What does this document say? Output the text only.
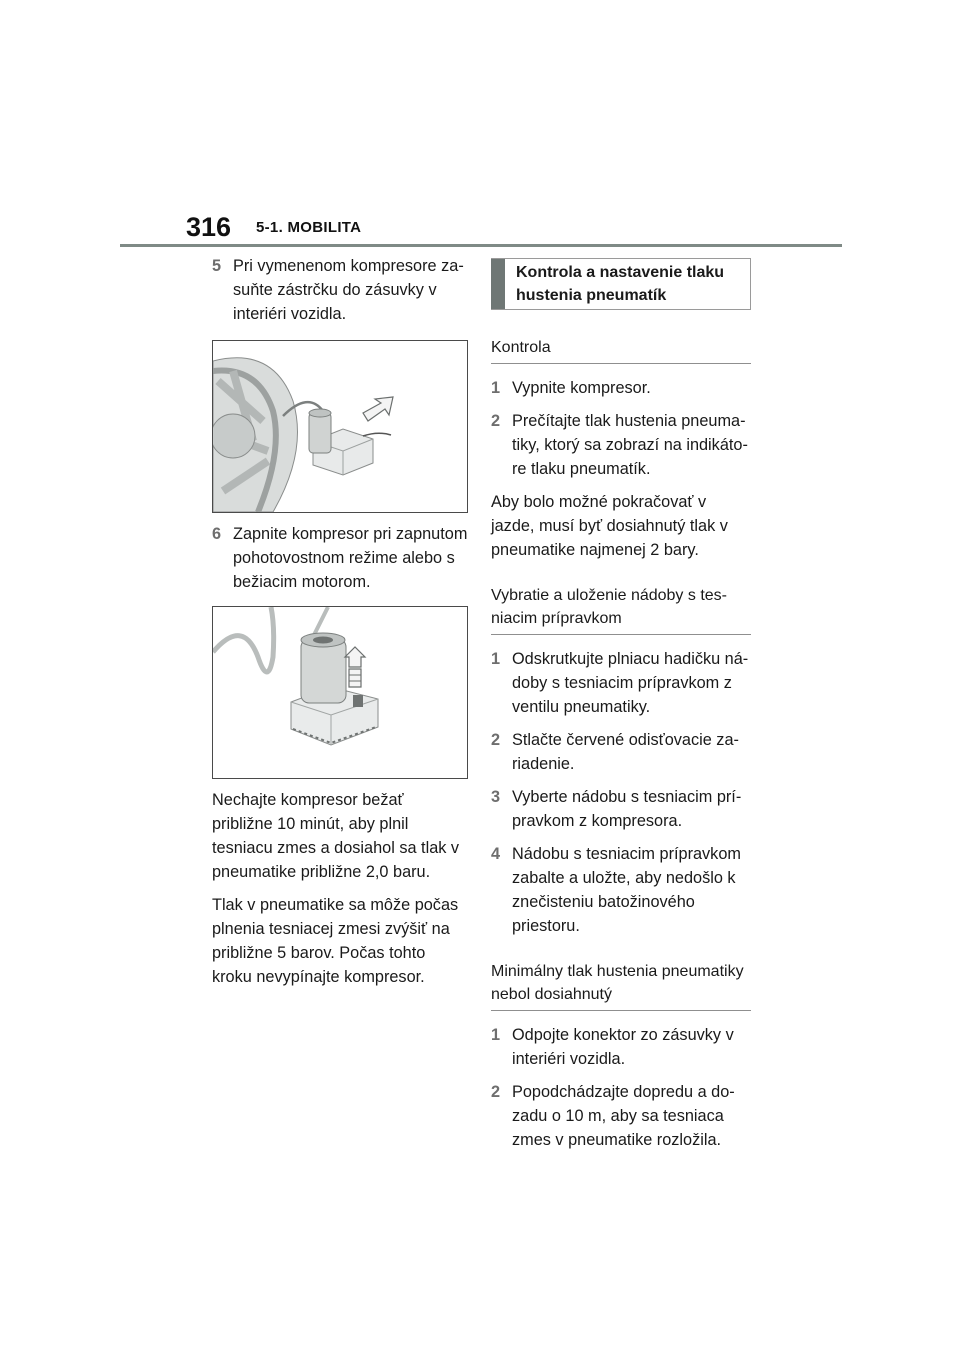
316 5-1. MOBILITA
5 Pri vymenenom kompresore zasuňte zástrčku do zásuvky v interiéri vozidla.
6 Zapnite kompresor pri zapnutom pohotovostnom režime alebo s bežiacim motorom.

Nechajte kompresor bežať približne 10 minút, aby plnil tesniacu zmes a dosiahol sa tlak v pneumatike približne 2,0 baru.

Tlak v pneumatike sa môže počas plnenia tesniacej zmesi zvýšiť na približne 5 barov. Počas tohto kroku nevypínajte kompresor.

Kontrola a nastavenie tlaku hustenia pneumatík
Kontrola
1 Vypnite kompresor.
2 Prečítajte tlak hustenia pneumatiky, ktorý sa zobrazí na indikátore tlaku pneumatík.

Aby bolo možné pokračovať v jazde, musí byť dosiahnutý tlak v pneumatike najmenej 2 bary.

Vybratie a uloženie nádoby s tesniacim prípravkom
1 Odskrutkujte plniacu hadičku nádoby s tesniacim prípravkom z ventilu pneumatiky.
2 Stlačte červené odisťovacie zariadenie.
3 Vyberte nádobu s tesniacim prípravkom z kompresora.
4 Nádobu s tesniacim prípravkom zabalte a uložte, aby nedošlo k znečisteniu batožinového priestoru.
Minimálny tlak hustenia pneumatiky nebol dosiahnutý
1 Odpojte konektor zo zásuvky v interiéri vozidla.
2 Popodchádzajte dopredu a dozadu o 10 m, aby sa tesniaca zmes v pneumatike rozložila.
